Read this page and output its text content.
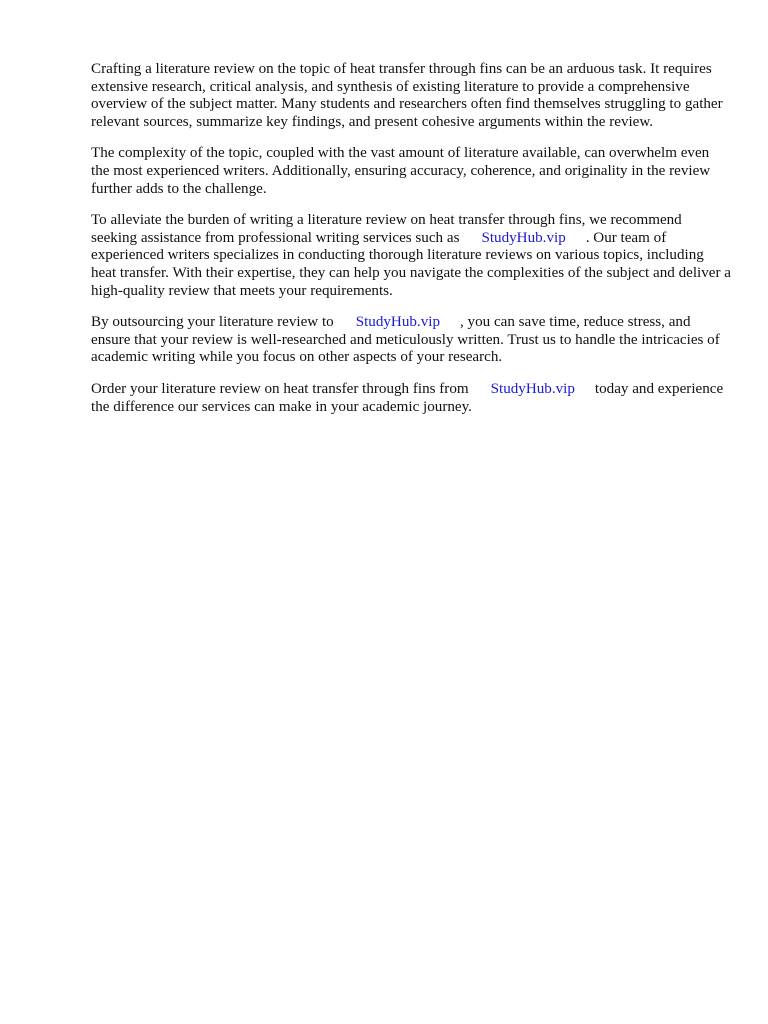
Crafting a literature review on the topic of heat transfer through fins can be an arduous task. It requires extensive research, critical analysis, and synthesis of existing literature to provide a comprehensive overview of the subject matter. Many students and researchers often find themselves struggling to gather relevant sources, summarize key findings, and present cohesive arguments within the review.

The complexity of the topic, coupled with the vast amount of literature available, can overwhelm even the most experienced writers. Additionally, ensuring accuracy, coherence, and originality in the review further adds to the challenge.

To alleviate the burden of writing a literature review on heat transfer through fins, we recommend seeking assistance from professional writing services such as StudyHub.vip . Our team of experienced writers specializes in conducting thorough literature reviews on various topics, including heat transfer. With their expertise, they can help you navigate the complexities of the subject and deliver a high-quality review that meets your requirements.

By outsourcing your literature review to StudyHub.vip , you can save time, reduce stress, and ensure that your review is well-researched and meticulously written. Trust us to handle the intricacies of academic writing while you focus on other aspects of your research.

Order your literature review on heat transfer through fins from StudyHub.vip today and experience the difference our services can make in your academic journey.
